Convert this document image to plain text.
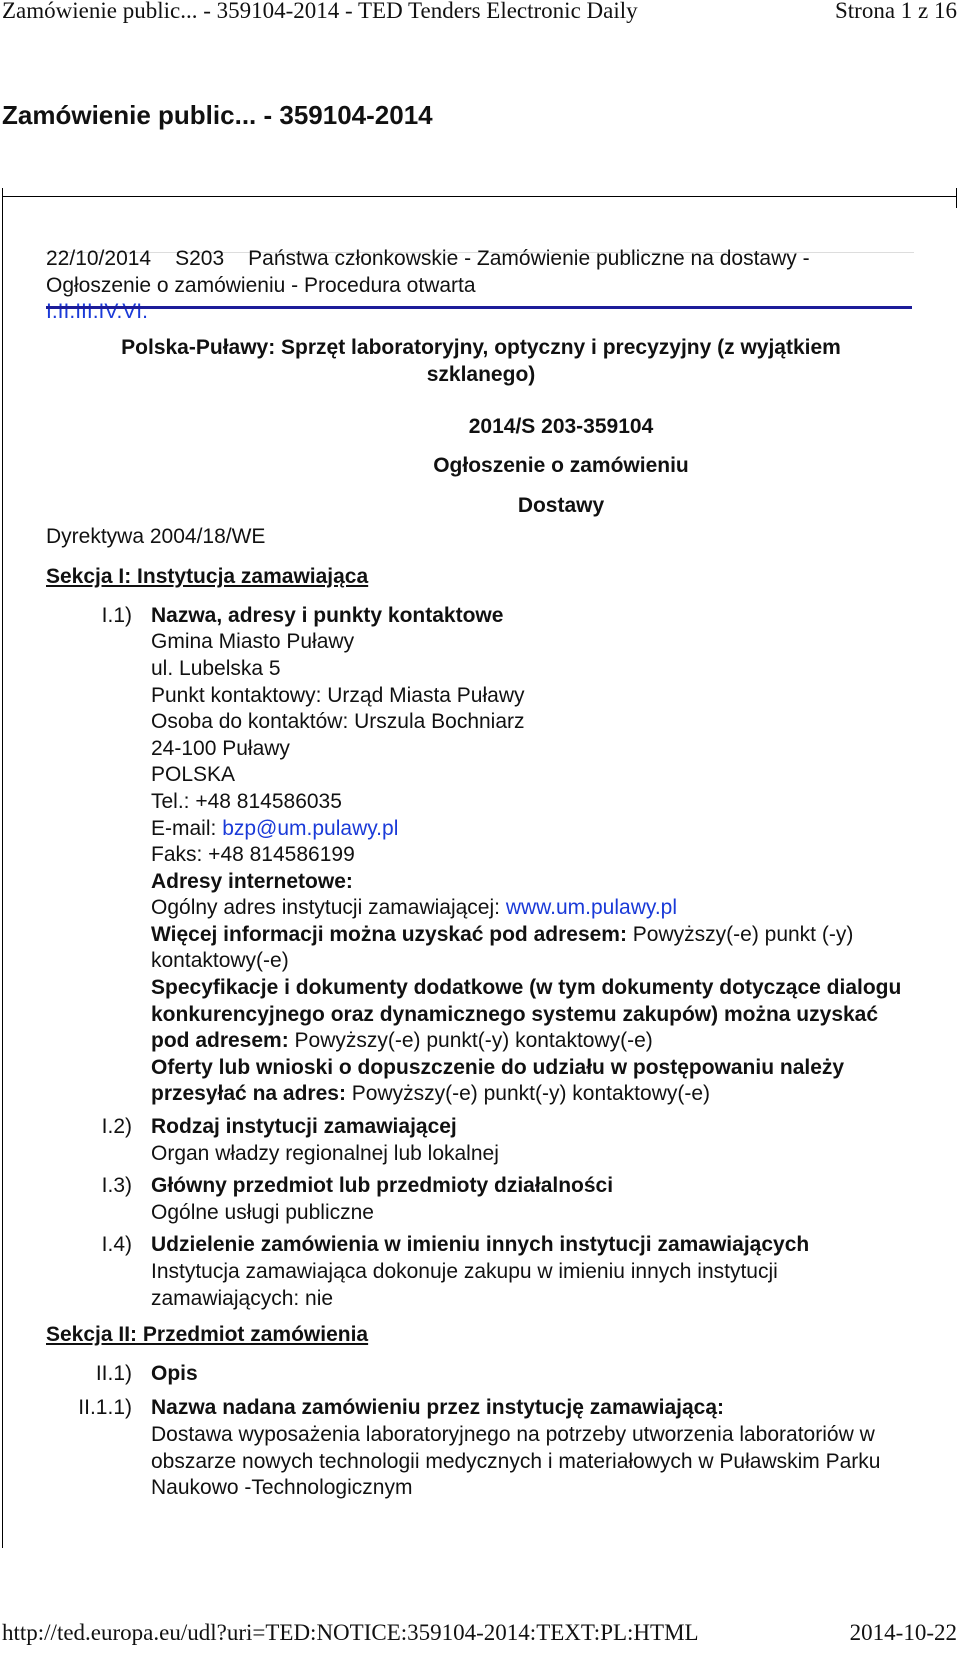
Zamówienie public... - 359104-2014 - TED Tenders Electronic Daily	Strona 1 z 16
Zamówienie public... - 359104-2014
22/10/2014 S203 Państwa członkowskie - Zamówienie publiczne na dostawy -
Ogłoszenie o zamówieniu - Procedura otwarta
I.II.III.IV.VI.
Polska-Puławy: Sprzęt laboratoryjny, optyczny i precyzyjny (z wyjątkiem
szklanego)
2014/S 203-359104
Ogłoszenie o zamówieniu
Dostawy
Dyrektywa 2004/18/WE
Sekcja I: Instytucja zamawiająca
I.1) Nazwa, adresy i punkty kontaktowe
Gmina Miasto Puławy
ul. Lubelska 5
Punkt kontaktowy: Urząd Miasta Puławy
Osoba do kontaktów: Urszula Bochniarz
24-100 Puławy
POLSKA
Tel.: +48 814586035
E-mail: bzp@um.pulawy.pl
Faks: +48 814586199
Adresy internetowe:
Ogólny adres instytucji zamawiającej: www.um.pulawy.pl
Więcej informacji można uzyskać pod adresem: Powyższy(-e) punkt (-y) kontaktowy(-e)
Specyfikacje i dokumenty dodatkowe (w tym dokumenty dotyczące dialogu konkurencyjnego oraz dynamicznego systemu zakupów) można uzyskać pod adresem: Powyższy(-e) punkt(-y) kontaktowy(-e)
Oferty lub wnioski o dopuszczenie do udziału w postępowaniu należy przesyłać na adres: Powyższy(-e) punkt(-y) kontaktowy(-e)
I.2) Rodzaj instytucji zamawiającej
Organ władzy regionalnej lub lokalnej
I.3) Główny przedmiot lub przedmioty działalności
Ogólne usługi publiczne
I.4) Udzielenie zamówienia w imieniu innych instytucji zamawiających
Instytucja zamawiająca dokonuje zakupu w imieniu innych instytucji zamawiających: nie
Sekcja II: Przedmiot zamówienia
II.1) Opis
II.1.1) Nazwa nadana zamówieniu przez instytucję zamawiającą:
Dostawa wyposażenia laboratoryjnego na potrzeby utworzenia laboratoriów w obszarze nowych technologii medycznych i materiałowych w Puławskim Parku Naukowo -Technologicznym
http://ted.europa.eu/udl?uri=TED:NOTICE:359104-2014:TEXT:PL:HTML	2014-10-22
